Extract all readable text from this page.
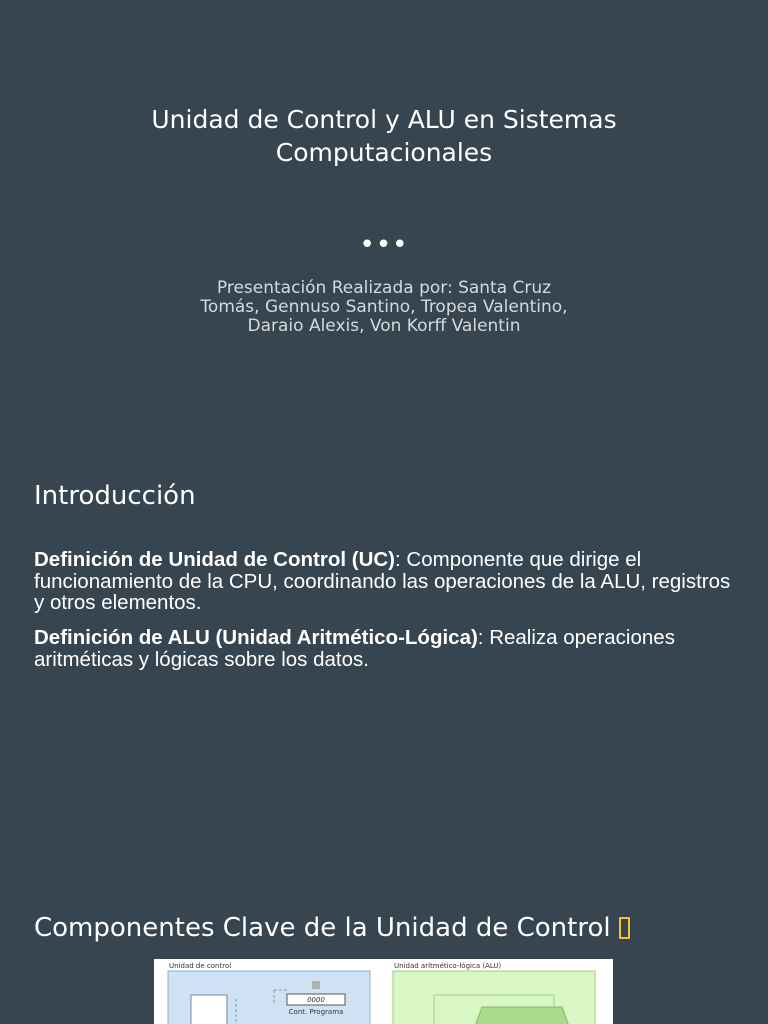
Unidad de Control y ALU en Sistemas
Computacionales
•••
Presentación Realizada por: Santa Cruz
Tomás, Gennuso Santino, Tropea Valentino,
Daraio Alexis, Von Korff Valentin
Introducción
Definición de Unidad de Control (UC): Componente que dirige el funcionamiento de la CPU, coordinando las operaciones de la ALU, registros y otros elementos.
Definición de ALU (Unidad Aritmético-Lógica): Realiza operaciones aritméticas y lógicas sobre los datos.
Componentes Clave de la Unidad de Control
Unidad de control
0000
Cont. Programa
Unidad aritmético-lógica (ALU)
